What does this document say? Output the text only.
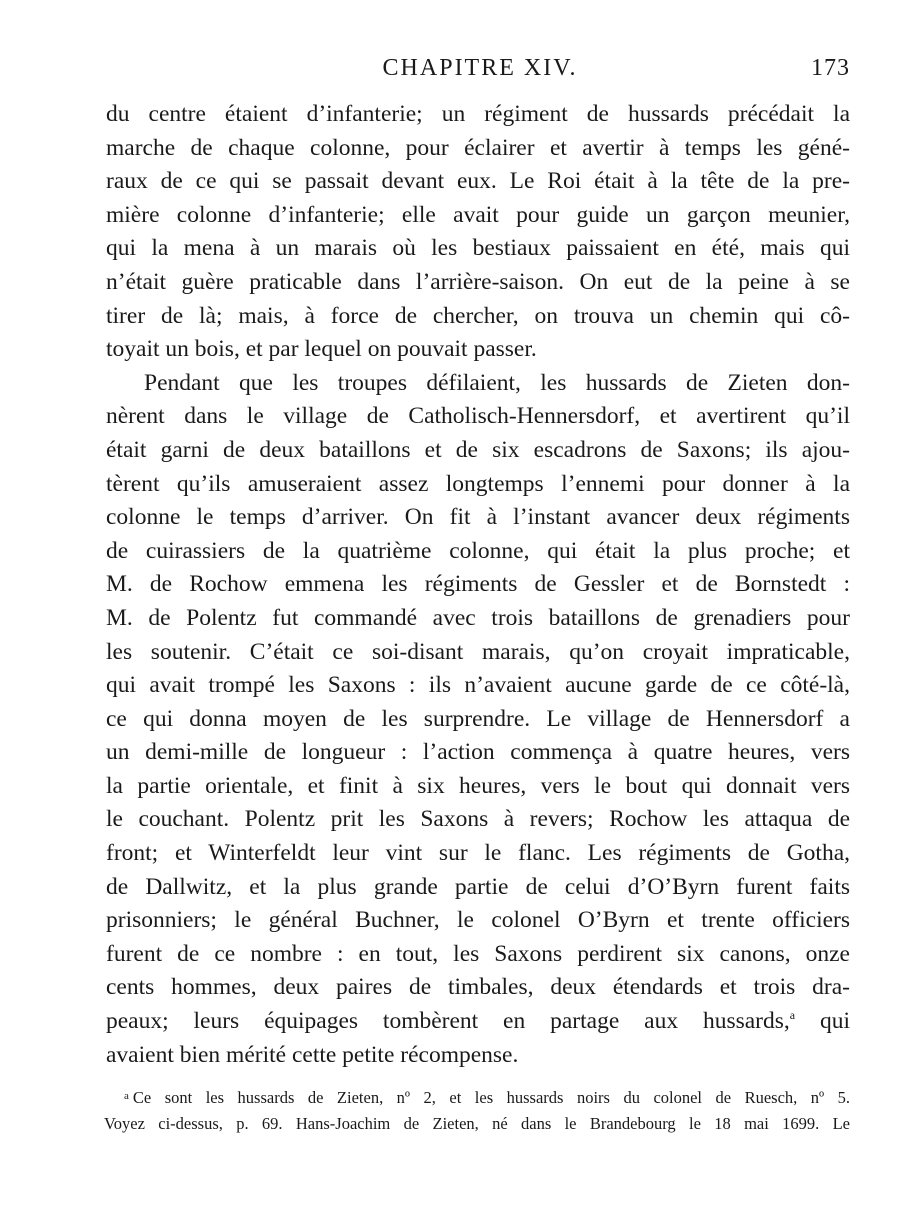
CHAPITRE XIV.	173
du centre étaient d’infanterie; un régiment de hussards précédait la
marche de chaque colonne, pour éclairer et avertir à temps les géné-
raux de ce qui se passait devant eux. Le Roi était à la tête de la pre-
mière colonne d’infanterie; elle avait pour guide un garçon meunier,
qui la mena à un marais où les bestiaux paissaient en été, mais qui
n’était guère praticable dans l’arrière-saison. On eut de la peine à se
tirer de là; mais, à force de chercher, on trouva un chemin qui cô-
toyait un bois, et par lequel on pouvait passer.
Pendant que les troupes défilaient, les hussards de Zieten don-
nèrent dans le village de Catholisch-Hennersdorf, et avertirent qu’il
était garni de deux bataillons et de six escadrons de Saxons; ils ajou-
tèrent qu’ils amuseraient assez longtemps l’ennemi pour donner à la
colonne le temps d’arriver. On fit à l’instant avancer deux régiments
de cuirassiers de la quatrième colonne, qui était la plus proche; et
M. de Rochow emmena les régiments de Gessler et de Bornstedt :
M. de Polentz fut commandé avec trois bataillons de grenadiers pour
les soutenir. C’était ce soi-disant marais, qu’on croyait impraticable,
qui avait trompé les Saxons : ils n’avaient aucune garde de ce côté-là,
ce qui donna moyen de les surprendre. Le village de Hennersdorf a
un demi-mille de longueur : l’action commença à quatre heures, vers
la partie orientale, et finit à six heures, vers le bout qui donnait vers
le couchant. Polentz prit les Saxons à revers; Rochow les attaqua de
front; et Winterfeldt leur vint sur le flanc. Les régiments de Gotha,
de Dallwitz, et la plus grande partie de celui d’O’Byrn furent faits
prisonniers; le général Buchner, le colonel O’Byrn et trente officiers
furent de ce nombre : en tout, les Saxons perdirent six canons, onze
cents hommes, deux paires de timbales, deux étendards et trois dra-
peaux; leurs équipages tombèrent en partage aux hussards,$^a$ qui
avaient bien mérité cette petite récompense.
$^a$ Ce sont les hussards de Zieten, nº 2, et les hussards noirs du colonel de Ruesch, nº 5.
Voyez ci-dessus, p. 69. Hans-Joachim de Zieten, né dans le Brandebourg le 18 mai 1699. Le
